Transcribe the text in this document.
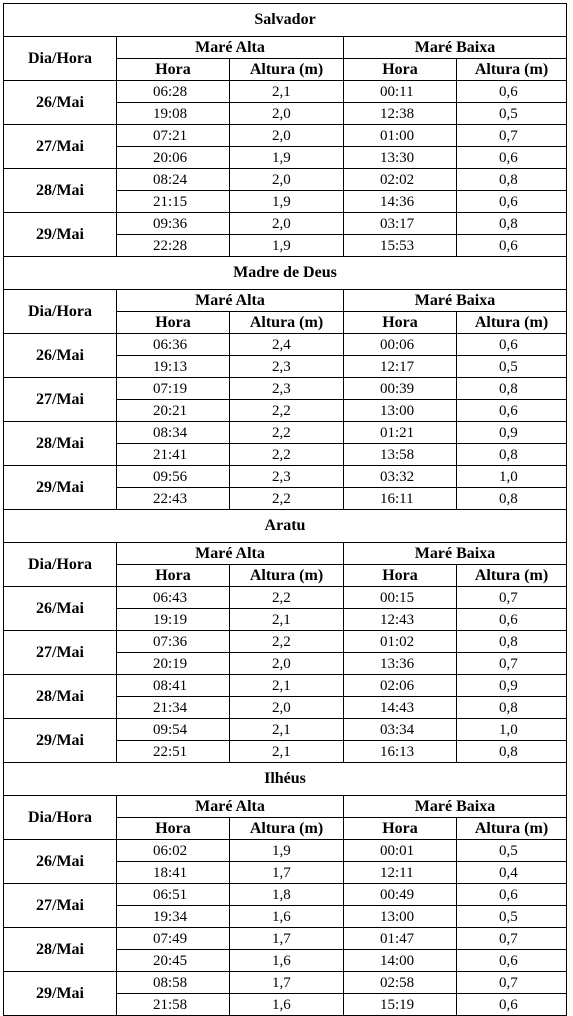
Salvador				
Dia/Hora	Maré Alta		Maré Baixa	
	Hora	Altura (m)	Hora	Altura (m)
26/Mai	06:28	2,1	00:11	0,6
	19:08	2,0	12:38	0,5
27/Mai	07:21	2,0	01:00	0,7
	20:06	1,9	13:30	0,6
28/Mai	08:24	2,0	02:02	0,8
	21:15	1,9	14:36	0,6
29/Mai	09:36	2,0	03:17	0,8
	22:28	1,9	15:53	0,6
Madre de Deus				
Dia/Hora	Maré Alta		Maré Baixa	
	Hora	Altura (m)	Hora	Altura (m)
26/Mai	06:36	2,4	00:06	0,6
	19:13	2,3	12:17	0,5
27/Mai	07:19	2,3	00:39	0,8
	20:21	2,2	13:00	0,6
28/Mai	08:34	2,2	01:21	0,9
	21:41	2,2	13:58	0,8
29/Mai	09:56	2,3	03:32	1,0
	22:43	2,2	16:11	0,8
Aratu				
Dia/Hora	Maré Alta		Maré Baixa	
	Hora	Altura (m)	Hora	Altura (m)
26/Mai	06:43	2,2	00:15	0,7
	19:19	2,1	12:43	0,6
27/Mai	07:36	2,2	01:02	0,8
	20:19	2,0	13:36	0,7
28/Mai	08:41	2,1	02:06	0,9
	21:34	2,0	14:43	0,8
29/Mai	09:54	2,1	03:34	1,0
	22:51	2,1	16:13	0,8
Ilhéus				
Dia/Hora	Maré Alta		Maré Baixa	
	Hora	Altura (m)	Hora	Altura (m)
26/Mai	06:02	1,9	00:01	0,5
	18:41	1,7	12:11	0,4
27/Mai	06:51	1,8	00:49	0,6
	19:34	1,6	13:00	0,5
28/Mai	07:49	1,7	01:47	0,7
	20:45	1,6	14:00	0,6
29/Mai	08:58	1,7	02:58	0,7
	21:58	1,6	15:19	0,6
